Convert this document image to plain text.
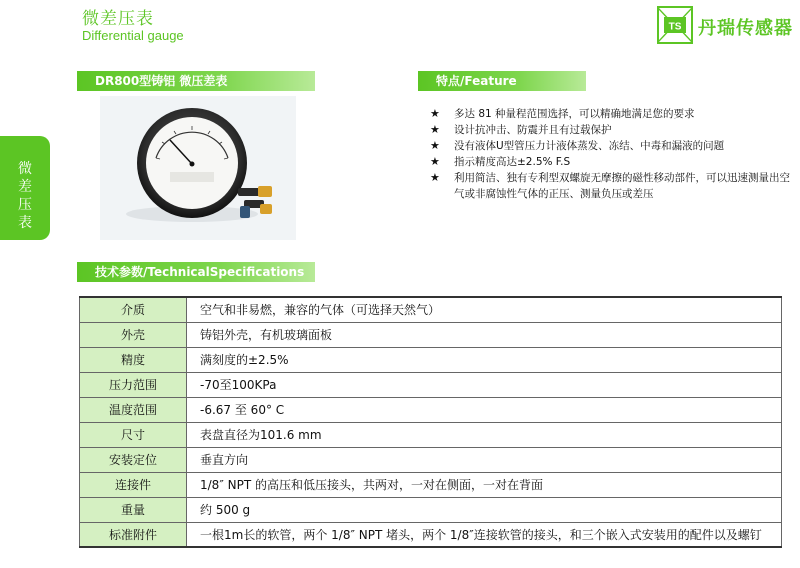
微差压表
Differential gauge
TS 丹瑞传感器
微差压表
DR800型铸铝 微压差表	特点/Feature
★ 多达 81 种量程范围选择，可以精确地满足您的要求
★ 设计抗冲击、防震并且有过载保护
★ 没有液体U型管压力计液体蒸发、冻结、中毒和漏液的问题
★ 指示精度高达±2.5% F.S
★ 利用简洁、独有专利型双螺旋无摩擦的磁性移动部件，可以迅速测量出空气或非腐蚀性气体的正压、测量负压或差压
技术参数/TechnicalSpecifications
介质	空气和非易燃，兼容的气体（可选择天然气）
外壳	铸铝外壳，有机玻璃面板
精度	满刻度的±2.5%
压力范围	-70至100KPa
温度范围	-6.67 至 60° C
尺寸	表盘直径为101.6 mm
安装定位	垂直方向
连接件	1/8″ NPT 的高压和低压接头，共两对，一对在侧面，一对在背面
重量	约 500 g
标准附件	一根1m长的软管，两个 1/8″ NPT 堵头，两个 1/8″连接软管的接头，和三个嵌入式安装用的配件以及螺钉
